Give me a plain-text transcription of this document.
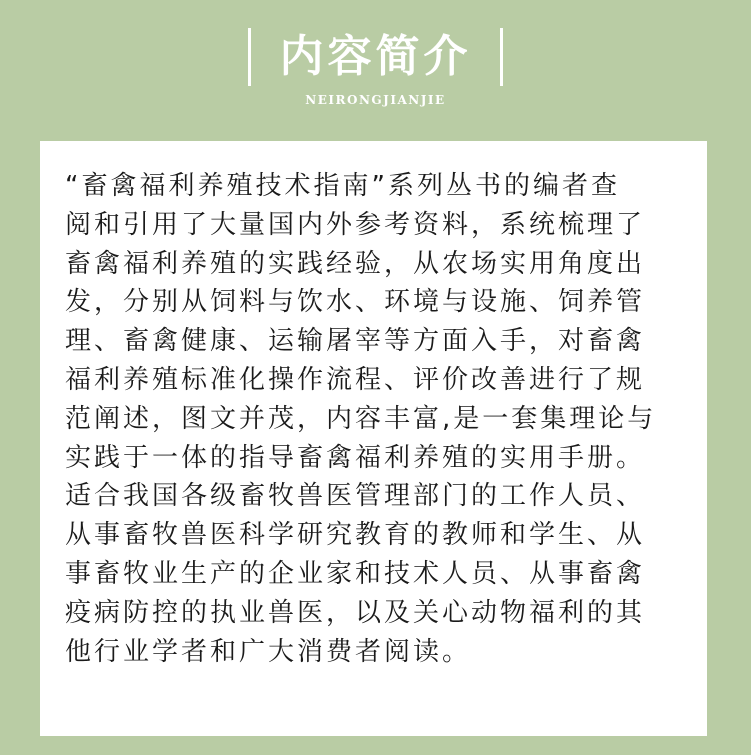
内容简介
NEIRONGJIANJIE

“畜禽福利养殖技术指南”系列丛书的编者查
阅和引用了大量国内外参考资料，系统梳理了
畜禽福利养殖的实践经验，从农场实用角度出
发，分别从饲料与饮水、环境与设施、饲养管
理、畜禽健康、运输屠宰等方面入手，对畜禽
福利养殖标准化操作流程、评价改善进行了规
范阐述，图文并茂，内容丰富,是一套集理论与
实践于一体的指导畜禽福利养殖的实用手册。
适合我国各级畜牧兽医管理部门的工作人员、
从事畜牧兽医科学研究教育的教师和学生、从
事畜牧业生产的企业家和技术人员、从事畜禽
疫病防控的执业兽医，以及关心动物福利的其
他行业学者和广大消费者阅读。
